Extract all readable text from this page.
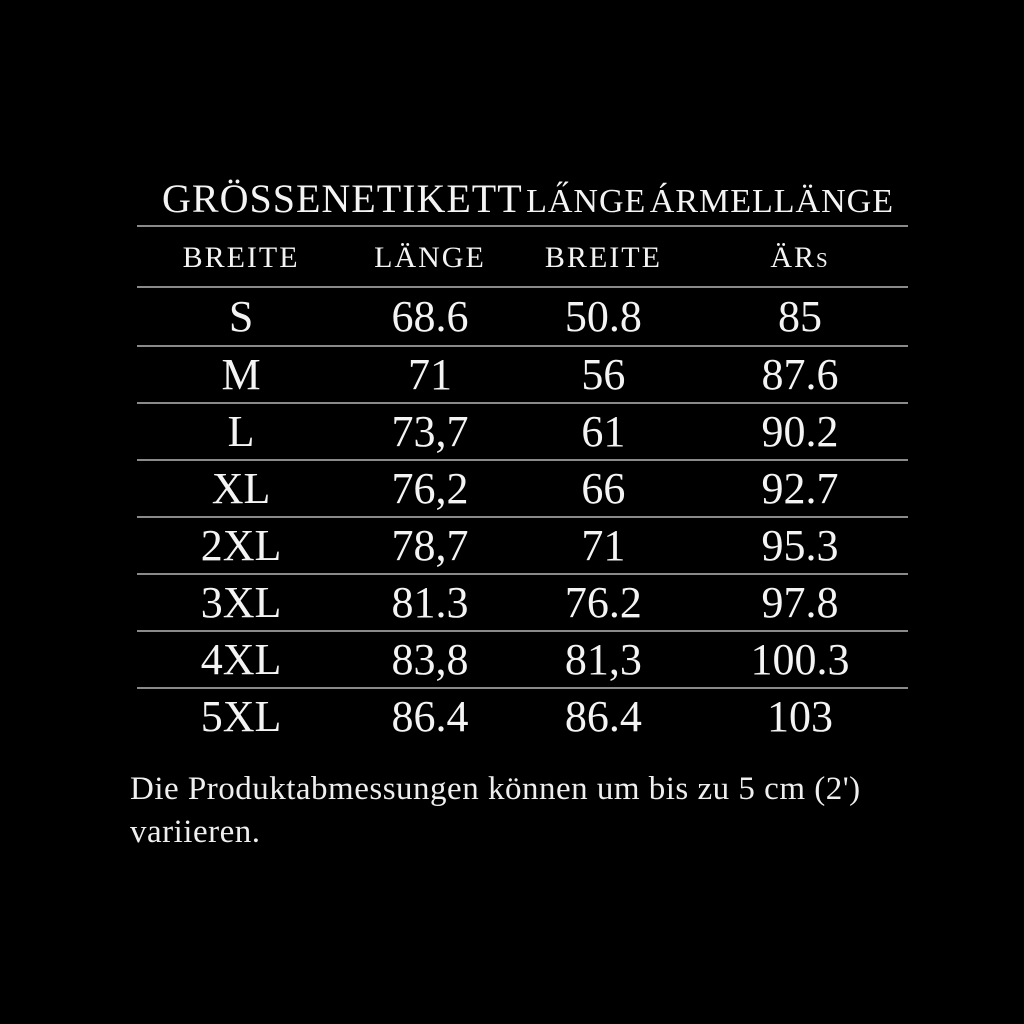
GRÖSSENETIKETT LA̋NGE ÁRMELLÄNGE
BREITE	LÄNGE	BREITE	ÄRs
S	68.6	50.8	85
M	71	56	87.6
L	73,7	61	90.2
XL	76,2	66	92.7
2XL	78,7	71	95.3
3XL	81.3	76.2	97.8
4XL	83,8	81,3	100.3
5XL	86.4	86.4	103
Die Produktabmessungen können um bis zu 5 cm (2')
variieren.
